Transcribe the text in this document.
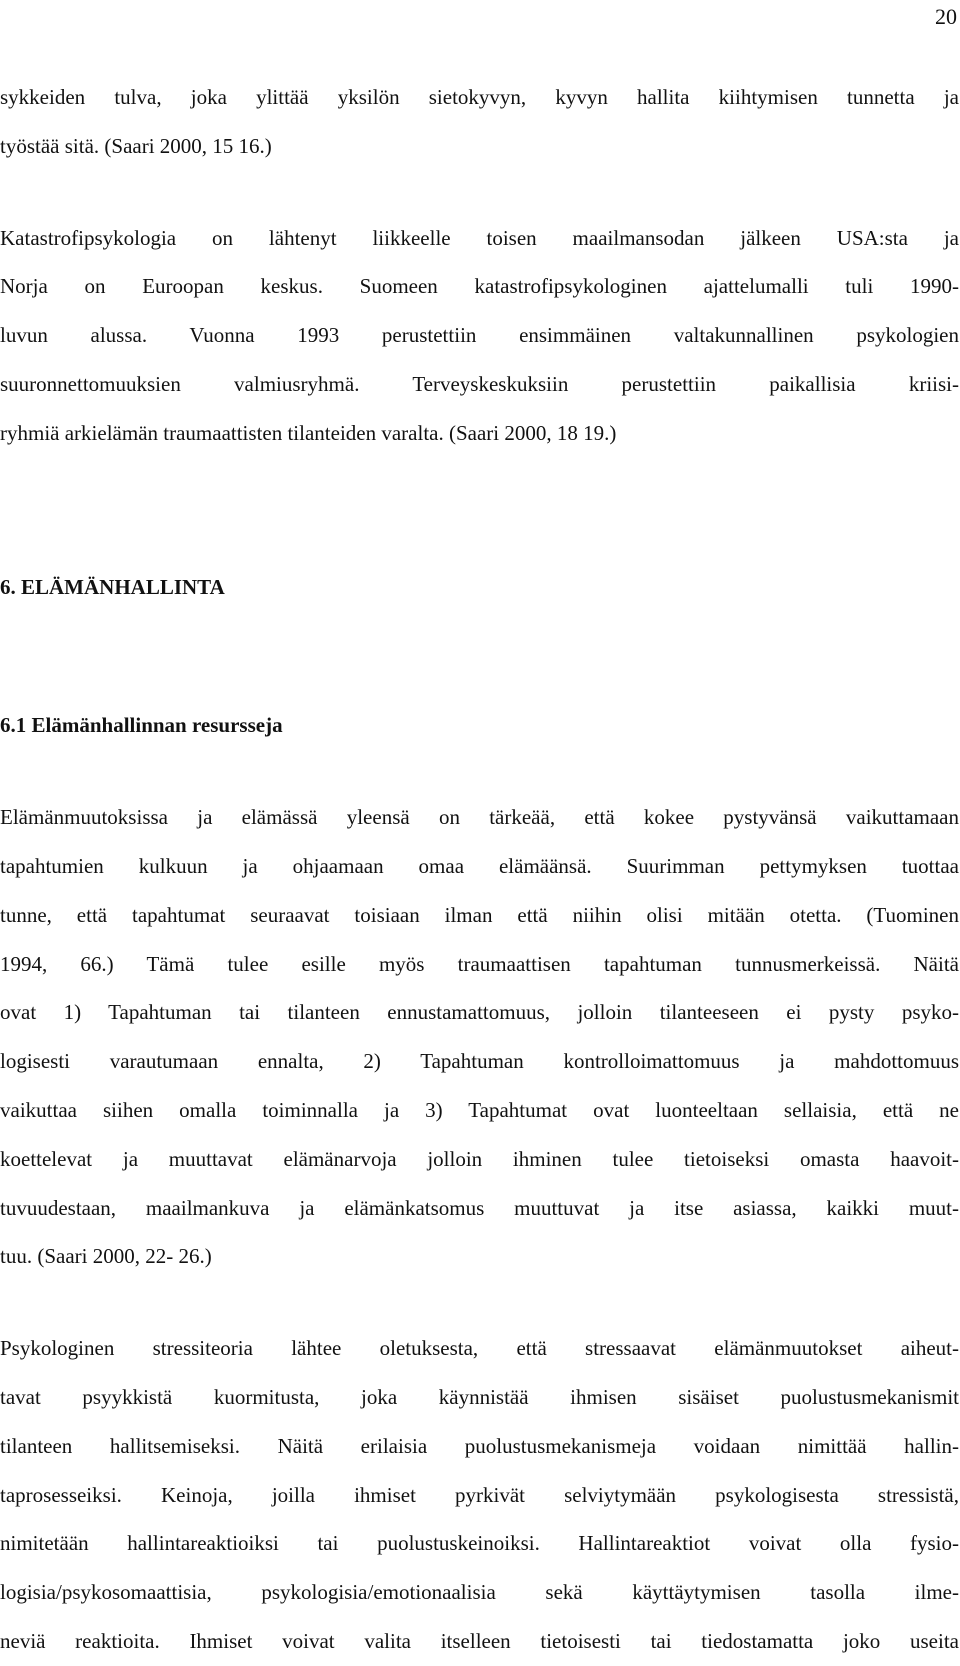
20

sykkeiden tulva, joka ylittää yksilön sietokyvyn, kyvyn hallita kiihtymisen tunnetta ja
työstää sitä. (Saari 2000, 15 16.)

Katastrofipsykologia on lähtenyt liikkeelle toisen maailmansodan jälkeen USA:sta ja
Norja on Euroopan keskus. Suomeen katastrofipsykologinen ajattelumalli tuli 1990-
luvun alussa. Vuonna 1993 perustettiin ensimmäinen valtakunnallinen psykologien
suuronnettomuuksien valmiusryhmä. Terveyskeskuksiin perustettiin paikallisia kriisi-
ryhmiä arkielämän traumaattisten tilanteiden varalta. (Saari 2000, 18 19.)

6. ELÄMÄNHALLINTA
6.1 Elämänhallinnan resursseja

Elämänmuutoksissa ja elämässä yleensä on tärkeää, että kokee pystyvänsä vaikuttamaan
tapahtumien kulkuun ja ohjaamaan omaa elämäänsä. Suurimman pettymyksen tuottaa
tunne, että tapahtumat seuraavat toisiaan ilman että niihin olisi mitään otetta. (Tuominen
1994, 66.) Tämä tulee esille myös traumaattisen tapahtuman tunnusmerkeissä. Näitä
ovat 1) Tapahtuman tai tilanteen ennustamattomuus, jolloin tilanteeseen ei pysty psyko-
logisesti varautumaan ennalta, 2) Tapahtuman kontrolloimattomuus ja mahdottomuus
vaikuttaa siihen omalla toiminnalla ja 3) Tapahtumat ovat luonteeltaan sellaisia, että ne
koettelevat ja muuttavat elämänarvoja jolloin ihminen tulee tietoiseksi omasta haavoit-
tuvuudestaan, maailmankuva ja elämänkatsomus muuttuvat ja itse asiassa, kaikki muut-
tuu. (Saari 2000, 22- 26.)

Psykologinen stressiteoria lähtee oletuksesta, että stressaavat elämänmuutokset aiheut-
tavat psyykkistä kuormitusta, joka käynnistää ihmisen sisäiset puolustusmekanismit
tilanteen hallitsemiseksi. Näitä erilaisia puolustusmekanismeja voidaan nimittää hallin-
taprosesseiksi. Keinoja, joilla ihmiset pyrkivät selviytymään psykologisesta stressistä,
nimitetään hallintareaktioiksi tai puolustuskeinoiksi. Hallintareaktiot voivat olla fysio-
logisia/psykosomaattisia, psykologisia/emotionaalisia sekä käyttäytymisen tasolla ilme-
neviä reaktioita. Ihmiset voivat valita itselleen tietoisesti tai tiedostamatta joko useita
